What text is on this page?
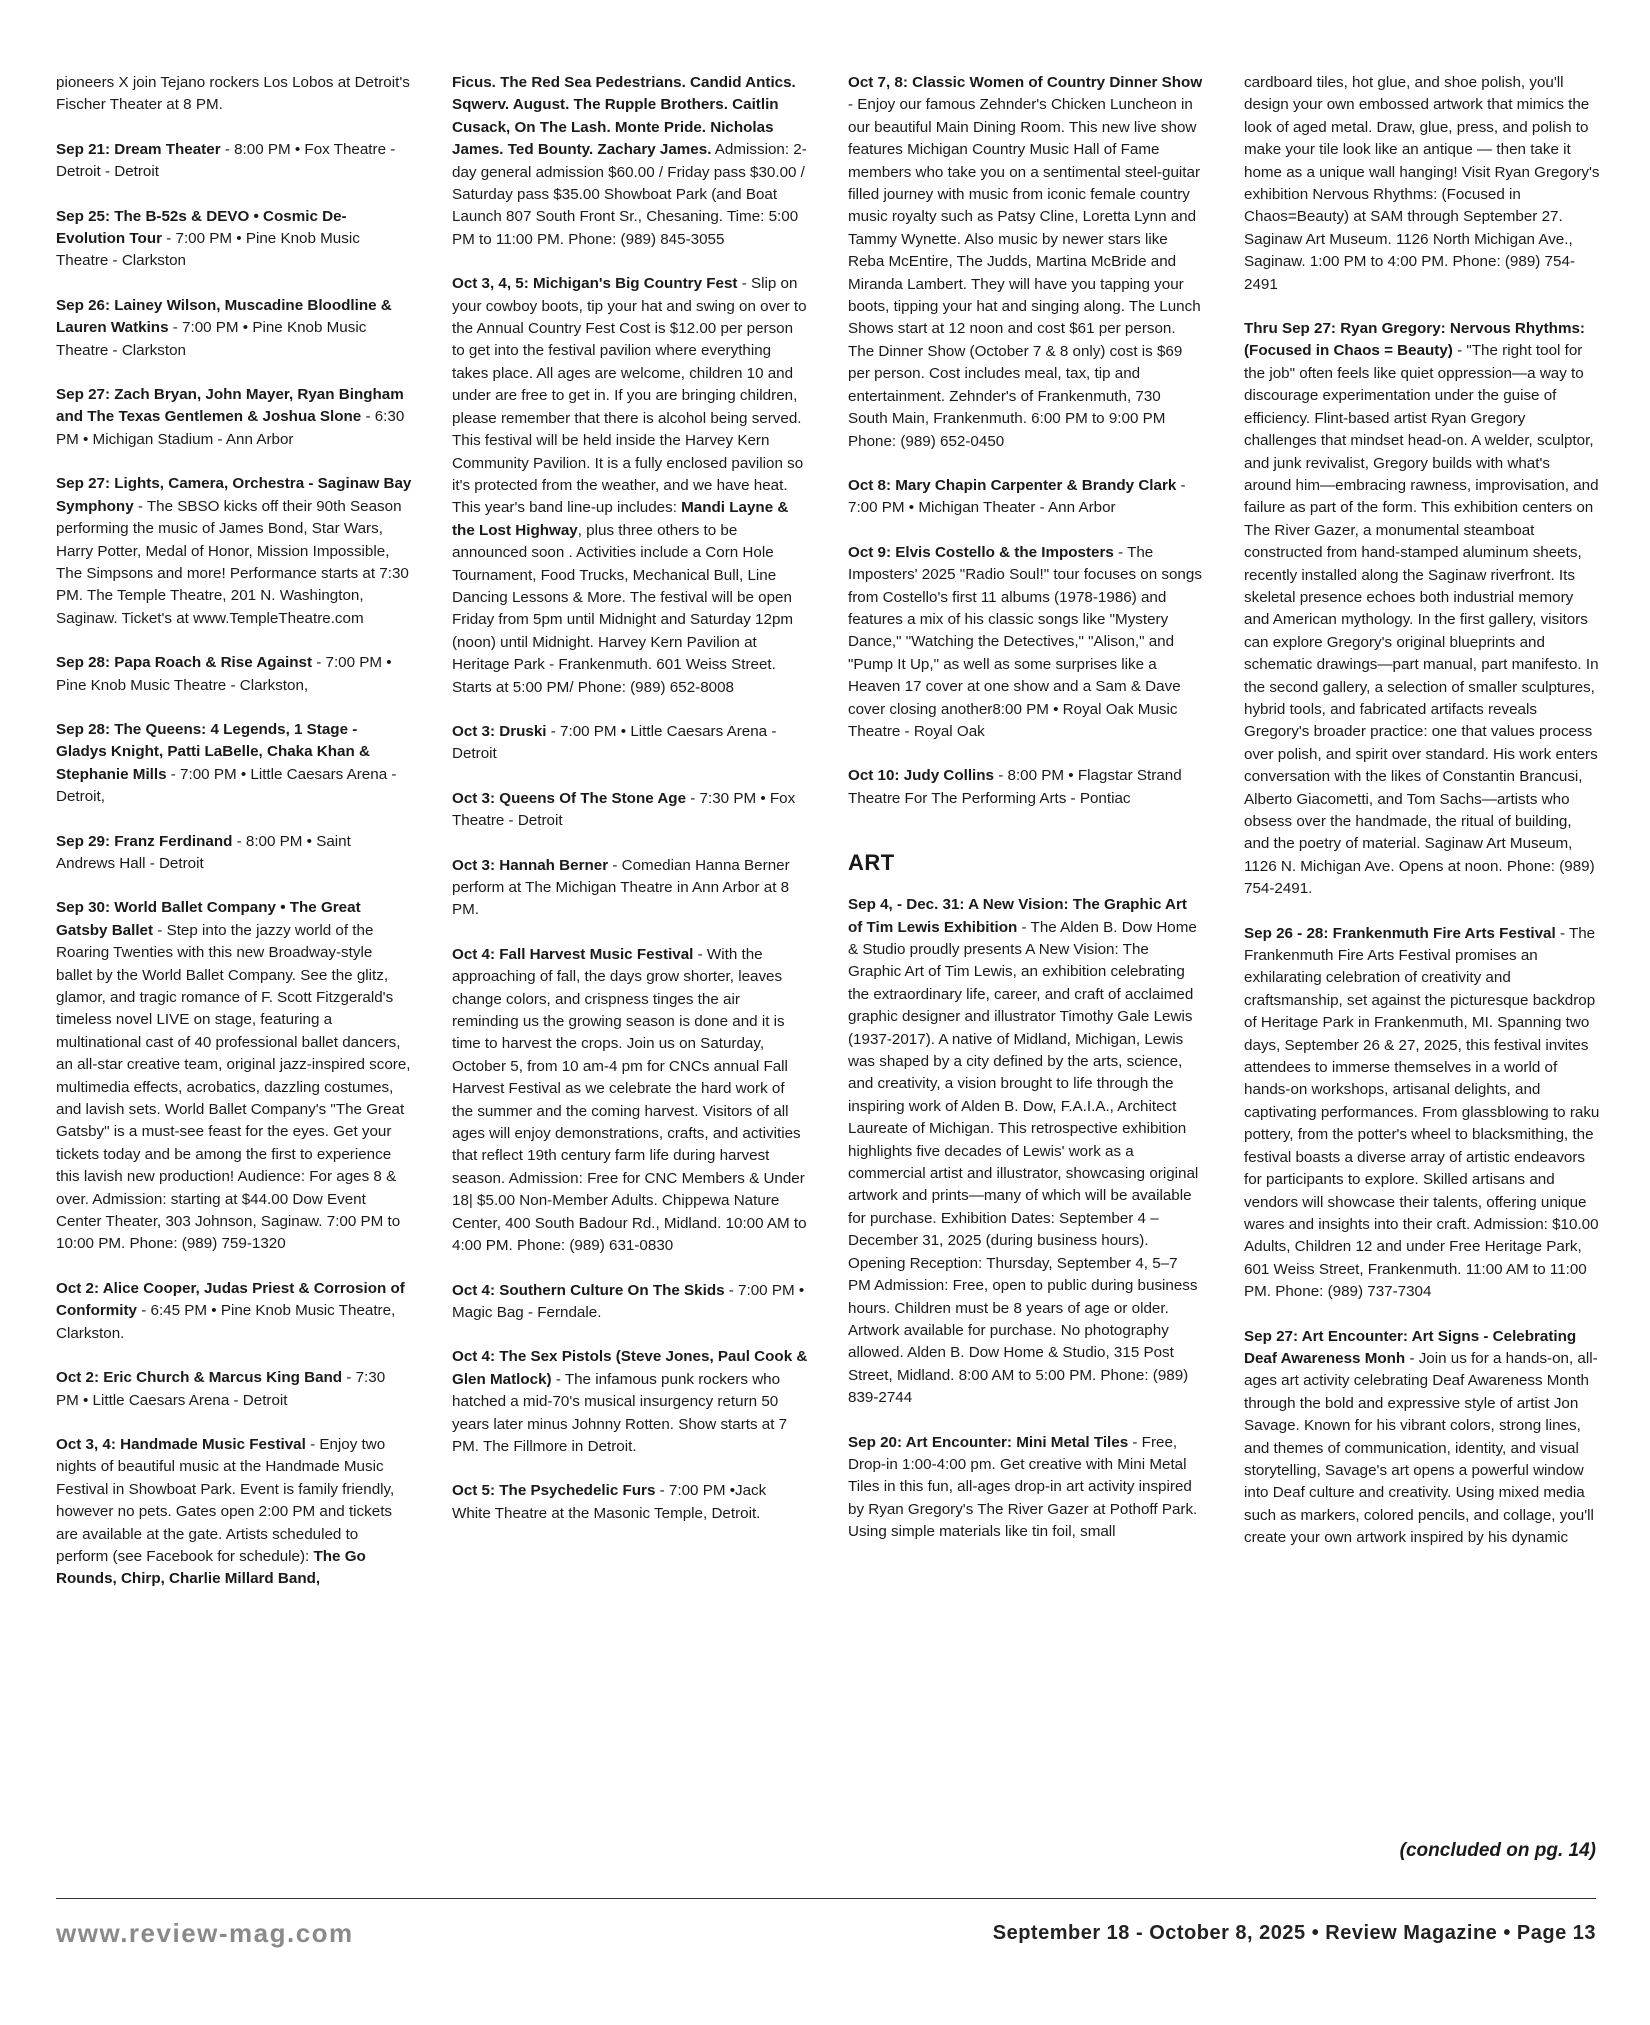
pioneers X join Tejano rockers Los Lobos at Detroit's Fischer Theater at 8 PM.
Sep 21: Dream Theater - 8:00 PM • Fox Theatre - Detroit - Detroit
Sep 25: The B-52s & DEVO • Cosmic De-Evolution Tour - 7:00 PM • Pine Knob Music Theatre - Clarkston
Sep 26: Lainey Wilson, Muscadine Bloodline & Lauren Watkins - 7:00 PM • Pine Knob Music Theatre - Clarkston
Sep 27: Zach Bryan, John Mayer, Ryan Bingham and The Texas Gentlemen & Joshua Slone - 6:30 PM • Michigan Stadium - Ann Arbor
Sep 27: Lights, Camera, Orchestra - Saginaw Bay Symphony - The SBSO kicks off their 90th Season performing the music of James Bond, Star Wars, Harry Potter, Medal of Honor, Mission Impossible, The Simpsons and more! Performance starts at 7:30 PM. The Temple Theatre, 201 N. Washington, Saginaw. Ticket's at www.TempleTheatre.com
Sep 28: Papa Roach & Rise Against - 7:00 PM • Pine Knob Music Theatre - Clarkston,
Sep 28: The Queens: 4 Legends, 1 Stage - Gladys Knight, Patti LaBelle, Chaka Khan & Stephanie Mills - 7:00 PM • Little Caesars Arena - Detroit,
Sep 29: Franz Ferdinand - 8:00 PM • Saint Andrews Hall - Detroit
Sep 30: World Ballet Company • The Great Gatsby Ballet - Step into the jazzy world of the Roaring Twenties with this new Broadway-style ballet by the World Ballet Company. See the glitz, glamor, and tragic romance of F. Scott Fitzgerald's timeless novel LIVE on stage, featuring a multinational cast of 40 professional ballet dancers, an all-star creative team, original jazz-inspired score, multimedia effects, acrobatics, dazzling costumes, and lavish sets. World Ballet Company's "The Great Gatsby" is a must-see feast for the eyes. Get your tickets today and be among the first to experience this lavish new production! Audience: For ages 8 & over. Admission: starting at $44.00 Dow Event Center Theater, 303 Johnson, Saginaw. 7:00 PM to 10:00 PM. Phone: (989) 759-1320
Oct 2: Alice Cooper, Judas Priest & Corrosion of Conformity - 6:45 PM • Pine Knob Music Theatre, Clarkston.
Oct 2: Eric Church & Marcus King Band - 7:30 PM • Little Caesars Arena - Detroit
Oct 3, 4: Handmade Music Festival - Enjoy two nights of beautiful music at the Handmade Music Festival in Showboat Park. Event is family friendly, however no pets. Gates open 2:00 PM and tickets are available at the gate. Artists scheduled to perform (see Facebook for schedule): The Go Rounds, Chirp, Charlie Millard Band,
Ficus. The Red Sea Pedestrians. Candid Antics. Sqwerv. August. The Rupple Brothers. Caitlin Cusack, On The Lash. Monte Pride. Nicholas James. Ted Bounty. Zachary James. Admission: 2-day general admission $60.00 / Friday pass $30.00 / Saturday pass $35.00 Showboat Park (and Boat Launch 807 South Front Sr., Chesaning. Time: 5:00 PM to 11:00 PM. Phone: (989) 845-3055
Oct 3, 4, 5: Michigan's Big Country Fest - Slip on your cowboy boots, tip your hat and swing on over to the Annual Country Fest Cost is $12.00 per person to get into the festival pavilion where everything takes place. All ages are welcome, children 10 and under are free to get in. If you are bringing children, please remember that there is alcohol being served. This festival will be held inside the Harvey Kern Community Pavilion. It is a fully enclosed pavilion so it's protected from the weather, and we have heat. This year's band line-up includes: Mandi Layne & the Lost Highway, plus three others to be announced soon . Activities include a Corn Hole Tournament, Food Trucks, Mechanical Bull, Line Dancing Lessons & More. The festival will be open Friday from 5pm until Midnight and Saturday 12pm (noon) until Midnight. Harvey Kern Pavilion at Heritage Park - Frankenmuth. 601 Weiss Street. Starts at 5:00 PM/ Phone: (989) 652-8008
Oct 3: Druski - 7:00 PM • Little Caesars Arena - Detroit
Oct 3: Queens Of The Stone Age - 7:30 PM • Fox Theatre - Detroit
Oct 3: Hannah Berner - Comedian Hanna Berner perform at The Michigan Theatre in Ann Arbor at 8 PM.
Oct 4: Fall Harvest Music Festival - With the approaching of fall, the days grow shorter, leaves change colors, and crispness tinges the air reminding us the growing season is done and it is time to harvest the crops. Join us on Saturday, October 5, from 10 am-4 pm for CNCs annual Fall Harvest Festival as we celebrate the hard work of the summer and the coming harvest. Visitors of all ages will enjoy demonstrations, crafts, and activities that reflect 19th century farm life during harvest season. Admission: Free for CNC Members & Under 18| $5.00 Non-Member Adults. Chippewa Nature Center, 400 South Badour Rd., Midland. 10:00 AM to 4:00 PM. Phone: (989) 631-0830
Oct 4: Southern Culture On The Skids - 7:00 PM • Magic Bag - Ferndale.
Oct 4: The Sex Pistols (Steve Jones, Paul Cook & Glen Matlock) - The infamous punk rockers who hatched a mid-70's musical insurgency return 50 years later minus Johnny Rotten. Show starts at 7 PM. The Fillmore in Detroit.
Oct 5: The Psychedelic Furs - 7:00 PM •Jack White Theatre at the Masonic Temple, Detroit.
Oct 7, 8: Classic Women of Country Dinner Show - Enjoy our famous Zehnder's Chicken Luncheon in our beautiful Main Dining Room. This new live show features Michigan Country Music Hall of Fame members who take you on a sentimental steel-guitar filled journey with music from iconic female country music royalty such as Patsy Cline, Loretta Lynn and Tammy Wynette. Also music by newer stars like Reba McEntire, The Judds, Martina McBride and Miranda Lambert. They will have you tapping your boots, tipping your hat and singing along. The Lunch Shows start at 12 noon and cost $61 per person. The Dinner Show (October 7 & 8 only) cost is $69 per person. Cost includes meal, tax, tip and entertainment. Zehnder's of Frankenmuth, 730 South Main, Frankenmuth. 6:00 PM to 9:00 PM Phone: (989) 652-0450
Oct 8: Mary Chapin Carpenter & Brandy Clark - 7:00 PM • Michigan Theater - Ann Arbor
Oct 9: Elvis Costello & the Imposters - The Imposters' 2025 "Radio Soul!" tour focuses on songs from Costello's first 11 albums (1978-1986) and features a mix of his classic songs like "Mystery Dance," "Watching the Detectives," "Alison," and "Pump It Up," as well as some surprises like a Heaven 17 cover at one show and a Sam & Dave cover closing another8:00 PM • Royal Oak Music Theatre - Royal Oak
Oct 10: Judy Collins - 8:00 PM • Flagstar Strand Theatre For The Performing Arts - Pontiac
ART
Sep 4, - Dec. 31: A New Vision: The Graphic Art of Tim Lewis Exhibition - The Alden B. Dow Home & Studio proudly presents A New Vision: The Graphic Art of Tim Lewis, an exhibition celebrating the extraordinary life, career, and craft of acclaimed graphic designer and illustrator Timothy Gale Lewis (1937-2017). A native of Midland, Michigan, Lewis was shaped by a city defined by the arts, science, and creativity, a vision brought to life through the inspiring work of Alden B. Dow, F.A.I.A., Architect Laureate of Michigan. This retrospective exhibition highlights five decades of Lewis' work as a commercial artist and illustrator, showcasing original artwork and prints—many of which will be available for purchase. Exhibition Dates: September 4 – December 31, 2025 (during business hours). Opening Reception: Thursday, September 4, 5–7 PM Admission: Free, open to public during business hours. Children must be 8 years of age or older. Artwork available for purchase. No photography allowed. Alden B. Dow Home & Studio, 315 Post Street, Midland. 8:00 AM to 5:00 PM. Phone: (989) 839-2744
Sep 20: Art Encounter: Mini Metal Tiles - Free, Drop-in 1:00-4:00 pm. Get creative with Mini Metal Tiles in this fun, all-ages drop-in art activity inspired by Ryan Gregory's The River Gazer at Pothoff Park. Using simple materials like tin foil, small
cardboard tiles, hot glue, and shoe polish, you'll design your own embossed artwork that mimics the look of aged metal. Draw, glue, press, and polish to make your tile look like an antique — then take it home as a unique wall hanging! Visit Ryan Gregory's exhibition Nervous Rhythms: (Focused in Chaos=Beauty) at SAM through September 27. Saginaw Art Museum. 1126 North Michigan Ave., Saginaw. 1:00 PM to 4:00 PM. Phone: (989) 754-2491
Thru Sep 27: Ryan Gregory: Nervous Rhythms: (Focused in Chaos = Beauty) - "The right tool for the job" often feels like quiet oppression—a way to discourage experimentation under the guise of efficiency. Flint-based artist Ryan Gregory challenges that mindset head-on. A welder, sculptor, and junk revivalist, Gregory builds with what's around him—embracing rawness, improvisation, and failure as part of the form. This exhibition centers on The River Gazer, a monumental steamboat constructed from hand-stamped aluminum sheets, recently installed along the Saginaw riverfront. Its skeletal presence echoes both industrial memory and American mythology. In the first gallery, visitors can explore Gregory's original blueprints and schematic drawings—part manual, part manifesto. In the second gallery, a selection of smaller sculptures, hybrid tools, and fabricated artifacts reveals Gregory's broader practice: one that values process over polish, and spirit over standard. His work enters conversation with the likes of Constantin Brancusi, Alberto Giacometti, and Tom Sachs—artists who obsess over the handmade, the ritual of building, and the poetry of material. Saginaw Art Museum, 1126 N. Michigan Ave. Opens at noon. Phone: (989) 754-2491.
Sep 26 - 28: Frankenmuth Fire Arts Festival - The Frankenmuth Fire Arts Festival promises an exhilarating celebration of creativity and craftsmanship, set against the picturesque backdrop of Heritage Park in Frankenmuth, MI. Spanning two days, September 26 & 27, 2025, this festival invites attendees to immerse themselves in a world of hands-on workshops, artisanal delights, and captivating performances. From glassblowing to raku pottery, from the potter's wheel to blacksmithing, the festival boasts a diverse array of artistic endeavors for participants to explore. Skilled artisans and vendors will showcase their talents, offering unique wares and insights into their craft. Admission: $10.00 Adults, Children 12 and under Free Heritage Park, 601 Weiss Street, Frankenmuth. 11:00 AM to 11:00 PM. Phone: (989) 737-7304
Sep 27: Art Encounter: Art Signs - Celebrating Deaf Awareness Monh - Join us for a hands-on, all-ages art activity celebrating Deaf Awareness Month through the bold and expressive style of artist Jon Savage. Known for his vibrant colors, strong lines, and themes of communication, identity, and visual storytelling, Savage's art opens a powerful window into Deaf culture and creativity. Using mixed media such as markers, colored pencils, and collage, you'll create your own artwork inspired by his dynamic
(concluded on pg. 14)
www.review-mag.com	September 18 - October 8, 2025 • Review Magazine • Page 13
